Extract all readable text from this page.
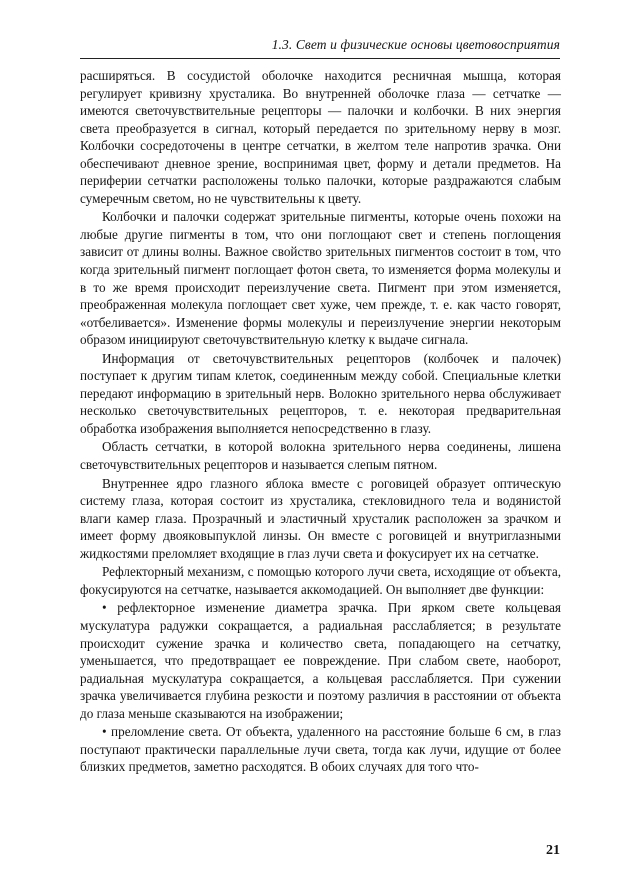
1.3. Свет и физические основы цветовосприятия

расширяться. В сосудистой оболочке находится ресничная мышца, которая регулирует кривизну хрусталика. Во внутренней оболочке глаза — сетчатке — имеются светочувствительные рецепторы — палочки и колбочки. В них энергия света преобразуется в сигнал, который передается по зрительному нерву в мозг. Колбочки сосредоточены в центре сетчатки, в желтом теле напротив зрачка. Они обеспечивают дневное зрение, воспринимая цвет, форму и детали предметов. На периферии сетчатки расположены только палочки, которые раздражаются слабым сумеречным светом, но не чувствительны к цвету.

Колбочки и палочки содержат зрительные пигменты, которые очень похожи на любые другие пигменты в том, что они поглощают свет и степень поглощения зависит от длины волны. Важное свойство зрительных пигментов состоит в том, что когда зрительный пигмент поглощает фотон света, то изменяется форма молекулы и в то же время происходит переизлучение света. Пигмент при этом изменяется, преображенная молекула поглощает свет хуже, чем прежде, т. е. как часто говорят, «отбеливается». Изменение формы молекулы и переизлучение энергии некоторым образом инициируют светочувствительную клетку к выдаче сигнала.

Информация от светочувствительных рецепторов (колбочек и палочек) поступает к другим типам клеток, соединенным между собой. Специальные клетки передают информацию в зрительный нерв. Волокно зрительного нерва обслуживает несколько светочувствительных рецепторов, т. е. некоторая предварительная обработка изображения выполняется непосредственно в глазу.

Область сетчатки, в которой волокна зрительного нерва соединены, лишена светочувствительных рецепторов и называется слепым пятном.

Внутреннее ядро глазного яблока вместе с роговицей образует оптическую систему глаза, которая состоит из хрусталика, стекловидного тела и водянистой влаги камер глаза. Прозрачный и эластичный хрусталик расположен за зрачком и имеет форму двояковыпуклой линзы. Он вместе с роговицей и внутриглазными жидкостями преломляет входящие в глаз лучи света и фокусирует их на сетчатке.

Рефлекторный механизм, с помощью которого лучи света, исходящие от объекта, фокусируются на сетчатке, называется аккомодацией. Он выполняет две функции:

• рефлекторное изменение диаметра зрачка. При ярком свете кольцевая мускулатура радужки сокращается, а радиальная расслабляется; в результате происходит сужение зрачка и количество света, попадающего на сетчатку, уменьшается, что предотвращает ее повреждение. При слабом свете, наоборот, радиальная мускулатура сокращается, а кольцевая расслабляется. При сужении зрачка увеличивается глубина резкости и поэтому различия в расстоянии от объекта до глаза меньше сказываются на изображении;

• преломление света. От объекта, удаленного на расстояние больше 6 см, в глаз поступают практически параллельные лучи света, тогда как лучи, идущие от более близких предметов, заметно расходятся. В обоих случаях для того что-

21
